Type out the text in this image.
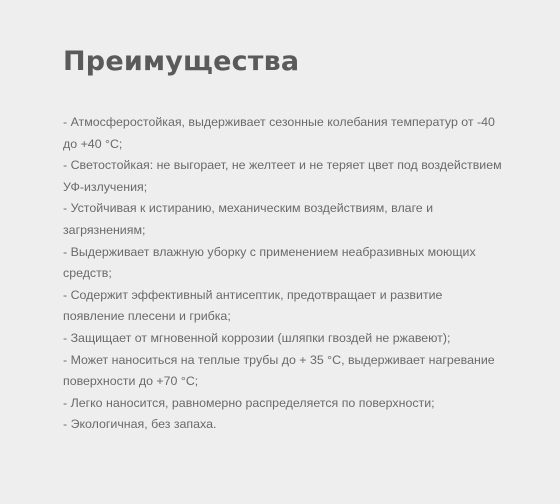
Преимущества
- Атмосферостойкая, выдерживает сезонные колебания температур от -40 до +40 °С;
- Светостойкая: не выгорает, не желтеет и не теряет цвет под воздействием УФ-излучения;
- Устойчивая к истиранию, механическим воздействиям, влаге и загрязнениям;
- Выдерживает влажную уборку с применением неабразивных моющих средств;
- Содержит эффективный антисептик, предотвращает и развитие появление плесени и грибка;
- Защищает от мгновенной коррозии (шляпки гвоздей не ржавеют);
- Может наноситься на теплые трубы до + 35 °С, выдерживает нагревание поверхности до +70 °С;
- Легко наносится, равномерно распределяется по поверхности;
- Экологичная, без запаха.
